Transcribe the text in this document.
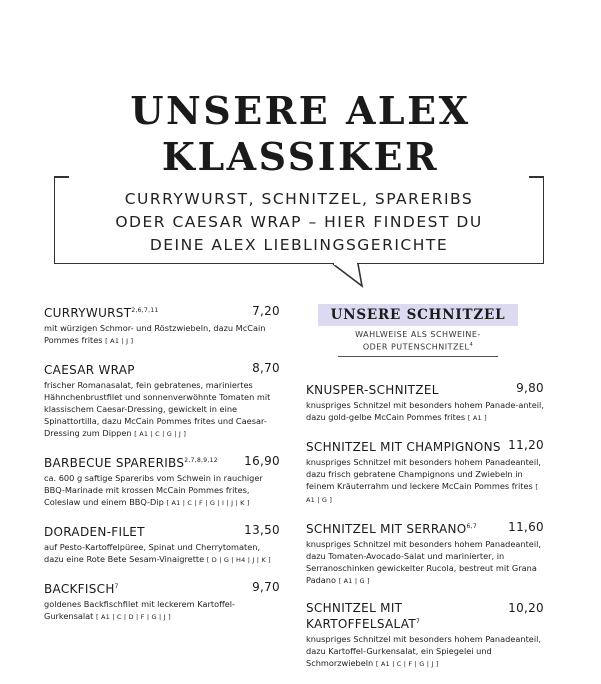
UNSERE ALEX
KLASSIKER
CURRYWURST, SCHNITZEL, SPARERIBS
ODER CAESAR WRAP – HIER FINDEST DU
DEINE ALEX LIEBLINGSGERICHTE
CURRYWURST$^{2,6,7,11}$	7,20
mit würzigen Schmor- und Röstzwiebeln, dazu McCain Pommes frites [ A1 | J ]
CAESAR WRAP	8,70
frischer Romanasalat, fein gebratenes, mariniertes Hähnchenbrustfilet und sonnenverwöhnte Tomaten mit klassischem Caesar-Dressing, gewickelt in eine Spinattortilla, dazu McCain Pommes frites und Caesar-Dressing zum Dippen [ A1 | C | G | J ]
BARBECUE SPARERIBS$^{2,7,8,9,12}$ 16,90
ca. 600 g saftige Spareribs vom Schwein in rauchiger BBQ-Marinade mit krossen McCain Pommes frites, Coleslaw und einem BBQ-Dip [ A1 | C | F | G | I | J | K ]
DORADEN-FILET	13,50
auf Pesto-Kartoffelpüree, Spinat und Cherrytomaten, dazu eine Rote Bete Sesam-Vinaigrette [ D | G | H4 | J | K ]
BACKFISCH$^7$	9,70
goldenes Backfischfilet mit leckerem Kartoffel-Gurkensalat [ A1 | C | D | F | G | J ]
UNSERE SCHNITZEL
WAHLWEISE ALS SCHWEINE-
ODER PUTENSCHNITZEL$^4$
KNUSPER-SCHNITZEL	9,80
knuspriges Schnitzel mit besonders hohem Panade-anteil, dazu gold-gelbe McCain Pommes frites [ A1 ]
SCHNITZEL MIT CHAMPIGNONS 11,20
knuspriges Schnitzel mit besonders hohem Panadeanteil, dazu frisch gebratene Champignons und Zwiebeln in feinem Kräuterrahm und leckere McCain Pommes frites [ A1 | G ]
SCHNITZEL MIT SERRANO$^{6,7}$	11,60
knuspriges Schnitzel mit besonders hohem Panadeanteil, dazu Tomaten-Avocado-Salat und marinierter, in Serranoschinken gewickelter Rucola, bestreut mit Grana Padano [ A1 | G ]
SCHNITZEL MIT KARTOFFELSALAT$^7$
10,20
knuspriges Schnitzel mit besonders hohem Panadeanteil, dazu Kartoffel-Gurkensalat, ein Spiegelei und Schmorzwiebeln [ A1 | C | F | G | J ]
